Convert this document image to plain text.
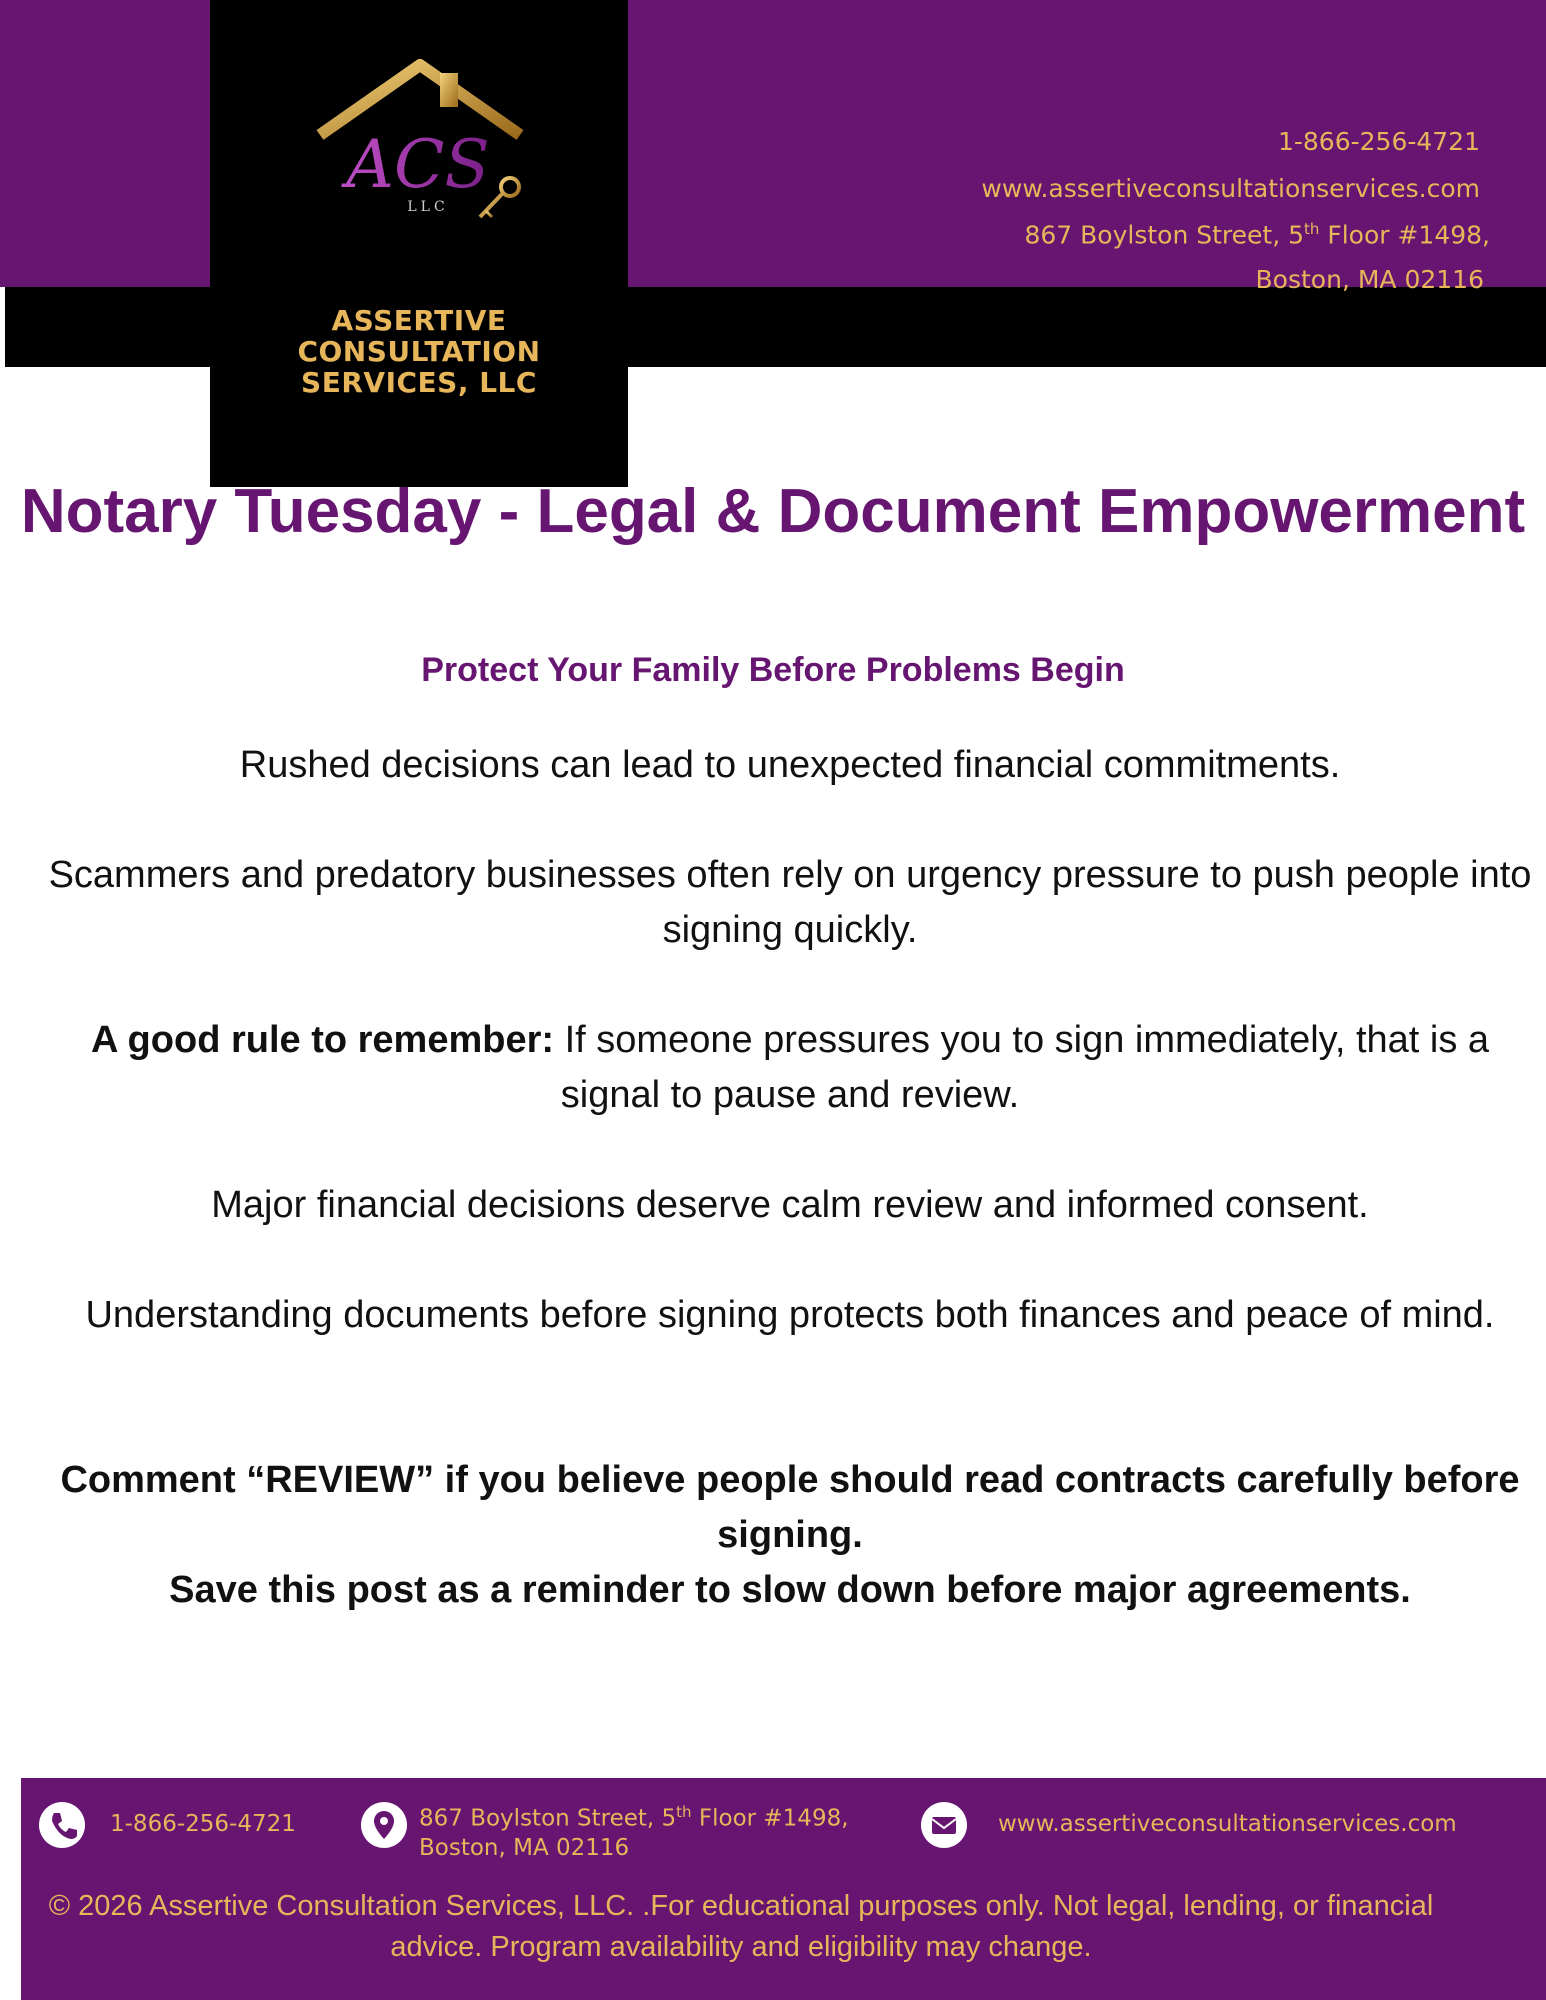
ACS
LLC
ASSERTIVE
CONSULTATION
SERVICES, LLC
1-866-256-4721
www.assertiveconsultationservices.com
867 Boylston Street, 5th Floor #1498,
Boston, MA 02116
Notary Tuesday - Legal & Document Empowerment
Protect Your Family Before Problems Begin
Rushed decisions can lead to unexpected financial commitments.
Scammers and predatory businesses often rely on urgency pressure to push people into signing quickly.
A good rule to remember: If someone pressures you to sign immediately, that is a signal to pause and review.
Major financial decisions deserve calm review and informed consent.
Understanding documents before signing protects both finances and peace of mind.
Comment “REVIEW” if you believe people should read contracts carefully before signing.
Save this post as a reminder to slow down before major agreements.
1-866-256-4721	867 Boylston Street, 5th Floor #1498,
Boston, MA 02116
www.assertiveconsultationservices.com
© 2026 Assertive Consultation Services, LLC. .For educational purposes only. Not legal, lending, or financial advice. Program availability and eligibility may change.
